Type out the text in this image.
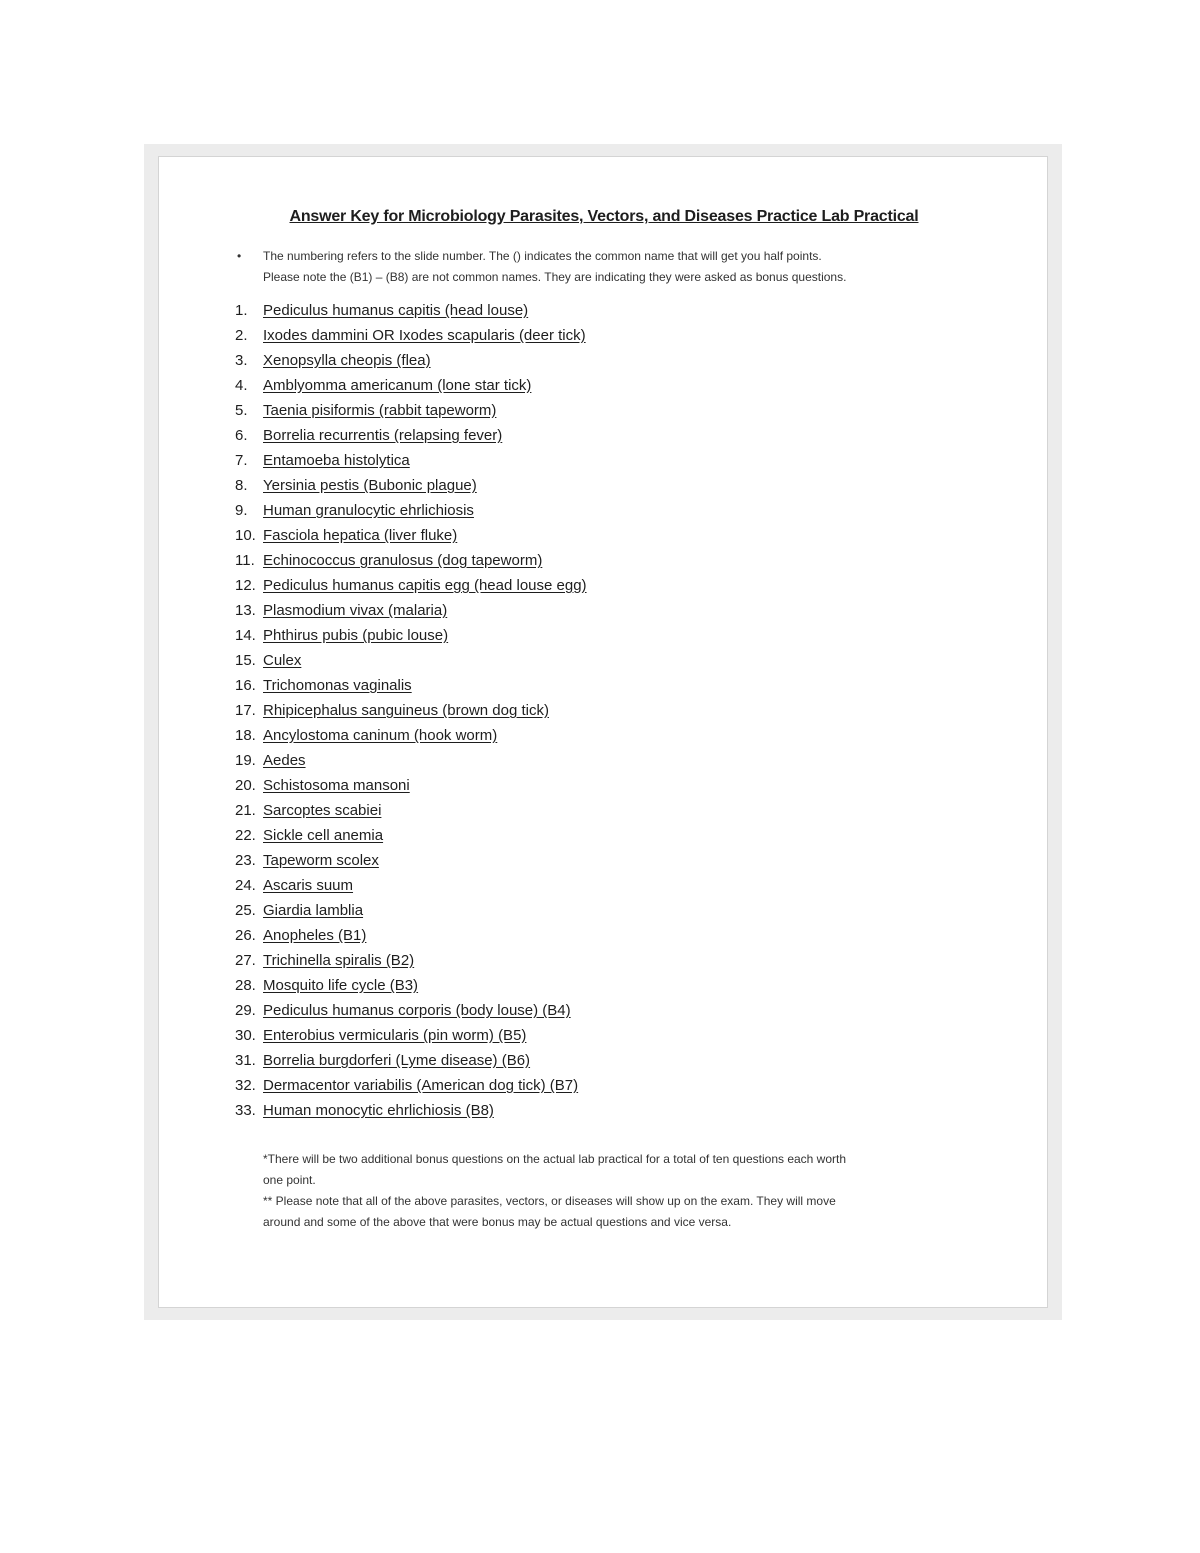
Answer Key for Microbiology Parasites, Vectors, and Diseases Practice Lab Practical
• The numbering refers to the slide number. The () indicates the common name that will get you half points.

Please note the (B1) – (B8) are not common names. They are indicating they were asked as bonus questions.

1.	Pediculus humanus capitis (head louse)
2.	Ixodes dammini OR Ixodes scapularis (deer tick)
3.	Xenopsylla cheopis (flea)
4.	Amblyomma americanum (lone star tick)
5.	Taenia pisiformis (rabbit tapeworm)
6.	Borrelia recurrentis (relapsing fever)
7.	Entamoeba histolytica
8.	Yersinia pestis (Bubonic plague)
9.	Human granulocytic ehrlichiosis
10. Fasciola hepatica (liver fluke)
11. Echinococcus granulosus (dog tapeworm)
12. Pediculus humanus capitis egg (head louse egg)
13. Plasmodium vivax (malaria)
14. Phthirus pubis (pubic louse)
15. Culex
16. Trichomonas vaginalis
17. Rhipicephalus sanguineus (brown dog tick)
18. Ancylostoma caninum (hook worm)
19. Aedes
20. Schistosoma mansoni
21. Sarcoptes scabiei
22. Sickle cell anemia
23. Tapeworm scolex
24. Ascaris suum
25. Giardia lamblia
26. Anopheles (B1)
27. Trichinella spiralis (B2)
28. Mosquito life cycle (B3)
29. Pediculus humanus corporis (body louse) (B4)
30. Enterobius vermicularis (pin worm) (B5)
31. Borrelia burgdorferi (Lyme disease) (B6)
32. Dermacentor variabilis (American dog tick) (B7)
33. Human monocytic ehrlichiosis (B8)

*There will be two additional bonus questions on the actual lab practical for a total of ten questions each worth

one point.

** Please note that all of the above parasites, vectors, or diseases will show up on the exam. They will move

around and some of the above that were bonus may be actual questions and vice versa.
